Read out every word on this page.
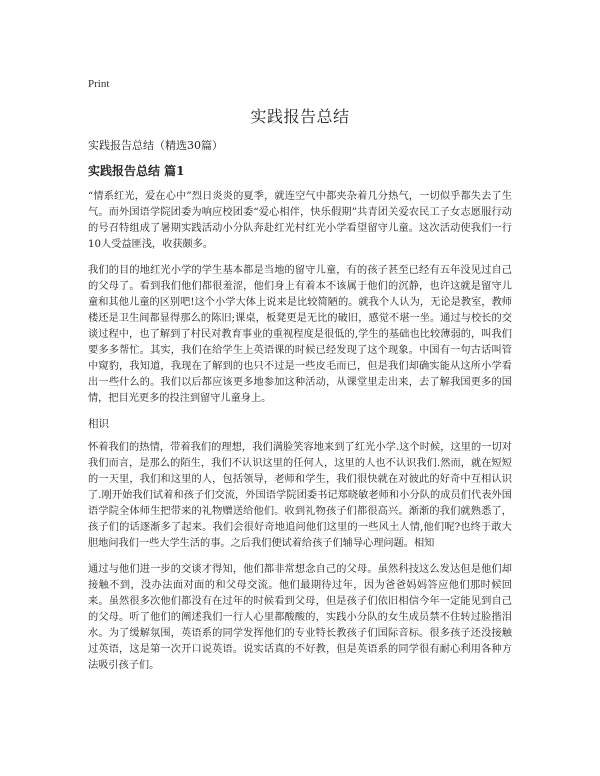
Print
实践报告总结
实践报告总结（精选30篇）
实践报告总结 篇1
“情系红光，爱在心中”烈日炎炎的夏季，就连空气中都夹杂着几分热气，一切似乎都失去了生气。而外国语学院团委为响应校团委“爱心相伴，快乐假期”共青团关爱农民工子女志愿服行动的号召特组成了暑期实践活动小分队奔赴红光村红光小学看望留守儿童。这次活动使我们一行10人受益匪浅，收获颇多。
我们的目的地红光小学的学生基本都是当地的留守儿童，有的孩子甚至已经有五年没见过自己的父母了。看到我们他们都很羞涩，他们身上有着本不该属于他们的沉静，也许这就是留守儿童和其他儿童的区别吧!这个小学大体上说来是比较简陋的。就我个人认为，无论是教室，教师楼还是卫生间都显得那么的陈旧;课桌，板凳更是无比的破旧，感觉不堪一坐。通过与校长的交谈过程中，也了解到了村民对教育事业的重视程度是很低的,学生的基础也比较薄弱的，叫我们要多多帮忙。其实，我们在给学生上英语课的时候已经发现了这个现象。中国有一句古话叫管中窥豹，我知道，我现在了解到的也只不过是一些皮毛而已，但是我们却确实能从这所小学看出一些什么的。我们以后都应该更多地参加这种活动，从课堂里走出来，去了解我国更多的国情，把目光更多的投注到留守儿童身上。
相识
怀着我们的热情，带着我们的理想，我们满脸笑容地来到了红光小学.这个时候，这里的一切对我们而言，是那么的陌生，我们不认识这里的任何人，这里的人也不认识我们.然而，就在短短的一天里，我们和这里的人，包括领导，老师和学生，我们很快就在对彼此的好奇中互相认识了.刚开始我们试着和孩子们交流，外国语学院团委书记郑晓敏老师和小分队的成员们代表外国语学院全体师生把带来的礼物赠送给他们。收到礼物孩子们都很高兴。渐渐的我们就熟悉了，孩子们的话逐渐多了起来。我们会很好奇地追问他们这里的一些风土人情,他们呢?也终于敢大胆地问我们一些大学生活的事。之后我们便试着给孩子们辅导心理问题。相知
通过与他们进一步的交谈才得知，他们都非常想念自己的父母。虽然科技这么发达但是他们却接触不到，没办法面对面的和父母交流。他们最期待过年，因为爸爸妈妈答应他们那时候回来。虽然很多次他们都没有在过年的时候看到父母，但是孩子们依旧相信今年一定能见到自己的父母。听了他们的阐述我们一行人心里都酸酸的，实践小分队的女生成员禁不住转过脸揩泪水。为了缓解氛围，英语系的同学发挥他们的专业特长教孩子们国际音标。很多孩子还没接触过英语，这是第一次开口说英语。说实话真的不好教，但是英语系的同学很有耐心利用各种方法吸引孩子们。
